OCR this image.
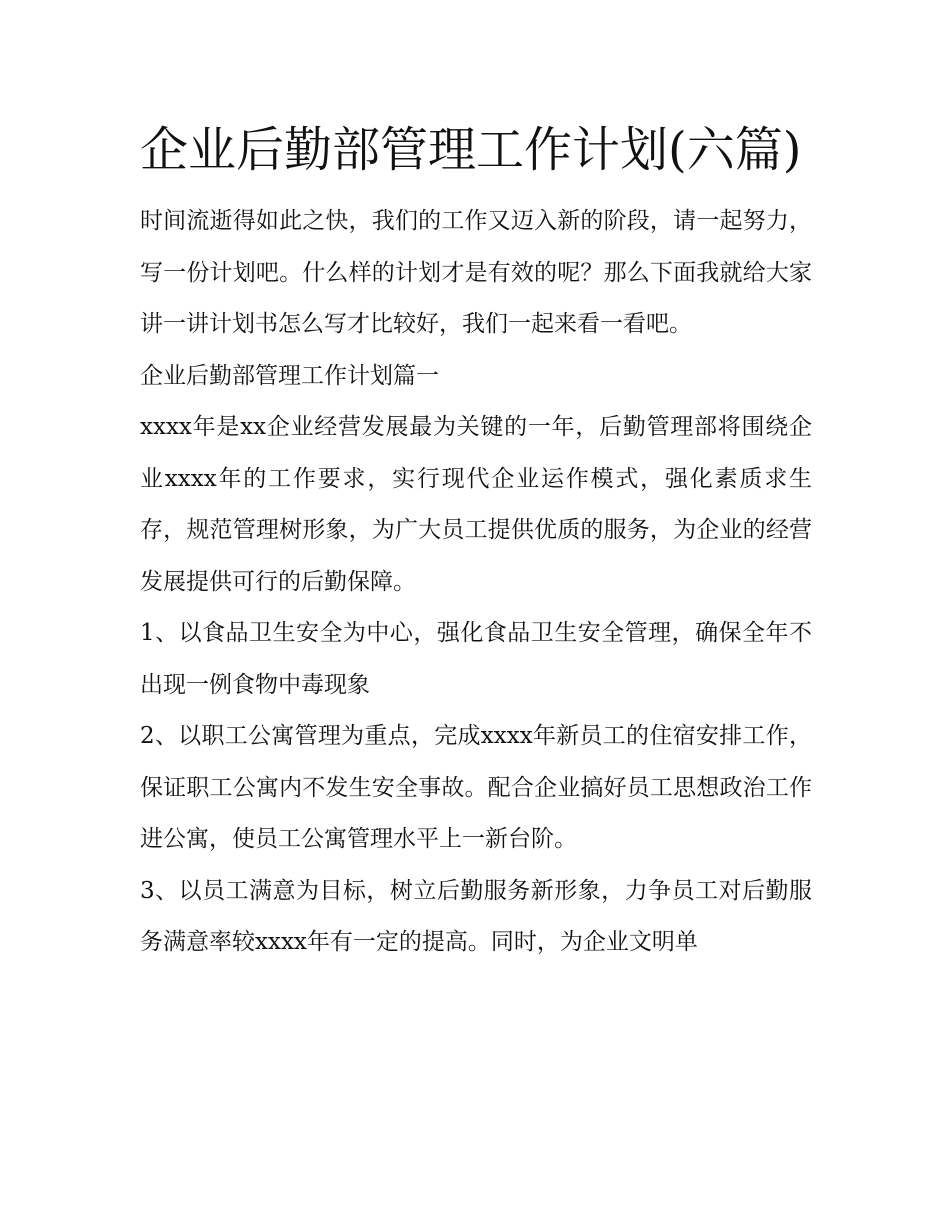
企业后勤部管理工作计划(六篇)

时间流逝得如此之快，我们的工作又迈入新的阶段，请一起努力，写一份计划吧。什么样的计划才是有效的呢？那么下面我就给大家讲一讲计划书怎么写才比较好，我们一起来看一看吧。

企业后勤部管理工作计划篇一

xxxx年是xx企业经营发展最为关键的一年，后勤管理部将围绕企业xxxx年的工作要求，实行现代企业运作模式，强化素质求生存，规范管理树形象，为广大员工提供优质的服务，为企业的经营发展提供可行的后勤保障。

1、以食品卫生安全为中心，强化食品卫生安全管理，确保全年不出现一例食物中毒现象

2、以职工公寓管理为重点，完成xxxx年新员工的住宿安排工作，保证职工公寓内不发生安全事故。配合企业搞好员工思想政治工作进公寓，使员工公寓管理水平上一新台阶。

3、以员工满意为目标，树立后勤服务新形象，力争员工对后勤服务满意率较xxxx年有一定的提高。同时，为企业文明单
